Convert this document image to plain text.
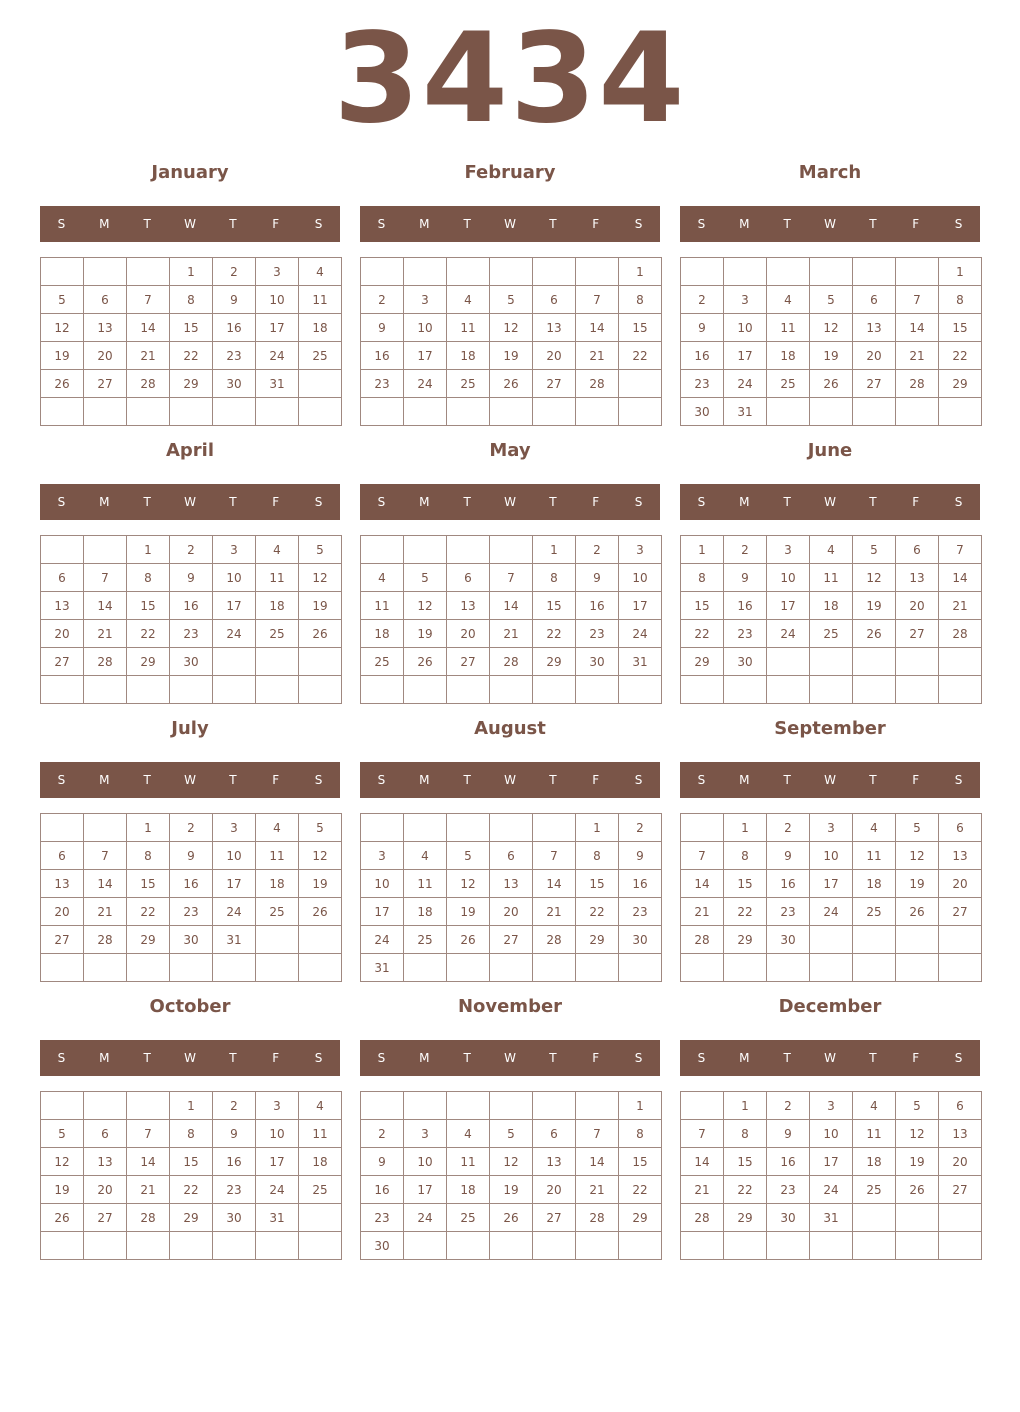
3434
January
S	M	T	W	T	F	S
			1	2	3	4
5	6	7	8	9	10	11
12	13	14	15	16	17	18
19	20	21	22	23	24	25
26	27	28	29	30	31	

February
S	M	T	W	T	F	S
						1
2	3	4	5	6	7	8
9	10	11	12	13	14	15
16	17	18	19	20	21	22
23	24	25	26	27	28	

March
S	M	T	W	T	F	S
						1
2	3	4	5	6	7	8
9	10	11	12	13	14	15
16	17	18	19	20	21	22
23	24	25	26	27	28	29
30	31					
April
S	M	T	W	T	F	S
		1	2	3	4	5
6	7	8	9	10	11	12
13	14	15	16	17	18	19
20	21	22	23	24	25	26
27	28	29	30			

May
S	M	T	W	T	F	S
				1	2	3
4	5	6	7	8	9	10
11	12	13	14	15	16	17
18	19	20	21	22	23	24
25	26	27	28	29	30	31

June
S	M	T	W	T	F	S
1	2	3	4	5	6	7
8	9	10	11	12	13	14
15	16	17	18	19	20	21
22	23	24	25	26	27	28
29	30					

July
S	M	T	W	T	F	S
		1	2	3	4	5
6	7	8	9	10	11	12
13	14	15	16	17	18	19
20	21	22	23	24	25	26
27	28	29	30	31		

August
S	M	T	W	T	F	S
					1	2
3	4	5	6	7	8	9
10	11	12	13	14	15	16
17	18	19	20	21	22	23
24	25	26	27	28	29	30
31						
September
S	M	T	W	T	F	S
	1	2	3	4	5	6
7	8	9	10	11	12	13
14	15	16	17	18	19	20
21	22	23	24	25	26	27
28	29	30				

October
S	M	T	W	T	F	S
			1	2	3	4
5	6	7	8	9	10	11
12	13	14	15	16	17	18
19	20	21	22	23	24	25
26	27	28	29	30	31	

November
S	M	T	W	T	F	S
						1
2	3	4	5	6	7	8
9	10	11	12	13	14	15
16	17	18	19	20	21	22
23	24	25	26	27	28	29
30						
December
S	M	T	W	T	F	S
	1	2	3	4	5	6
7	8	9	10	11	12	13
14	15	16	17	18	19	20
21	22	23	24	25	26	27
28	29	30	31			
